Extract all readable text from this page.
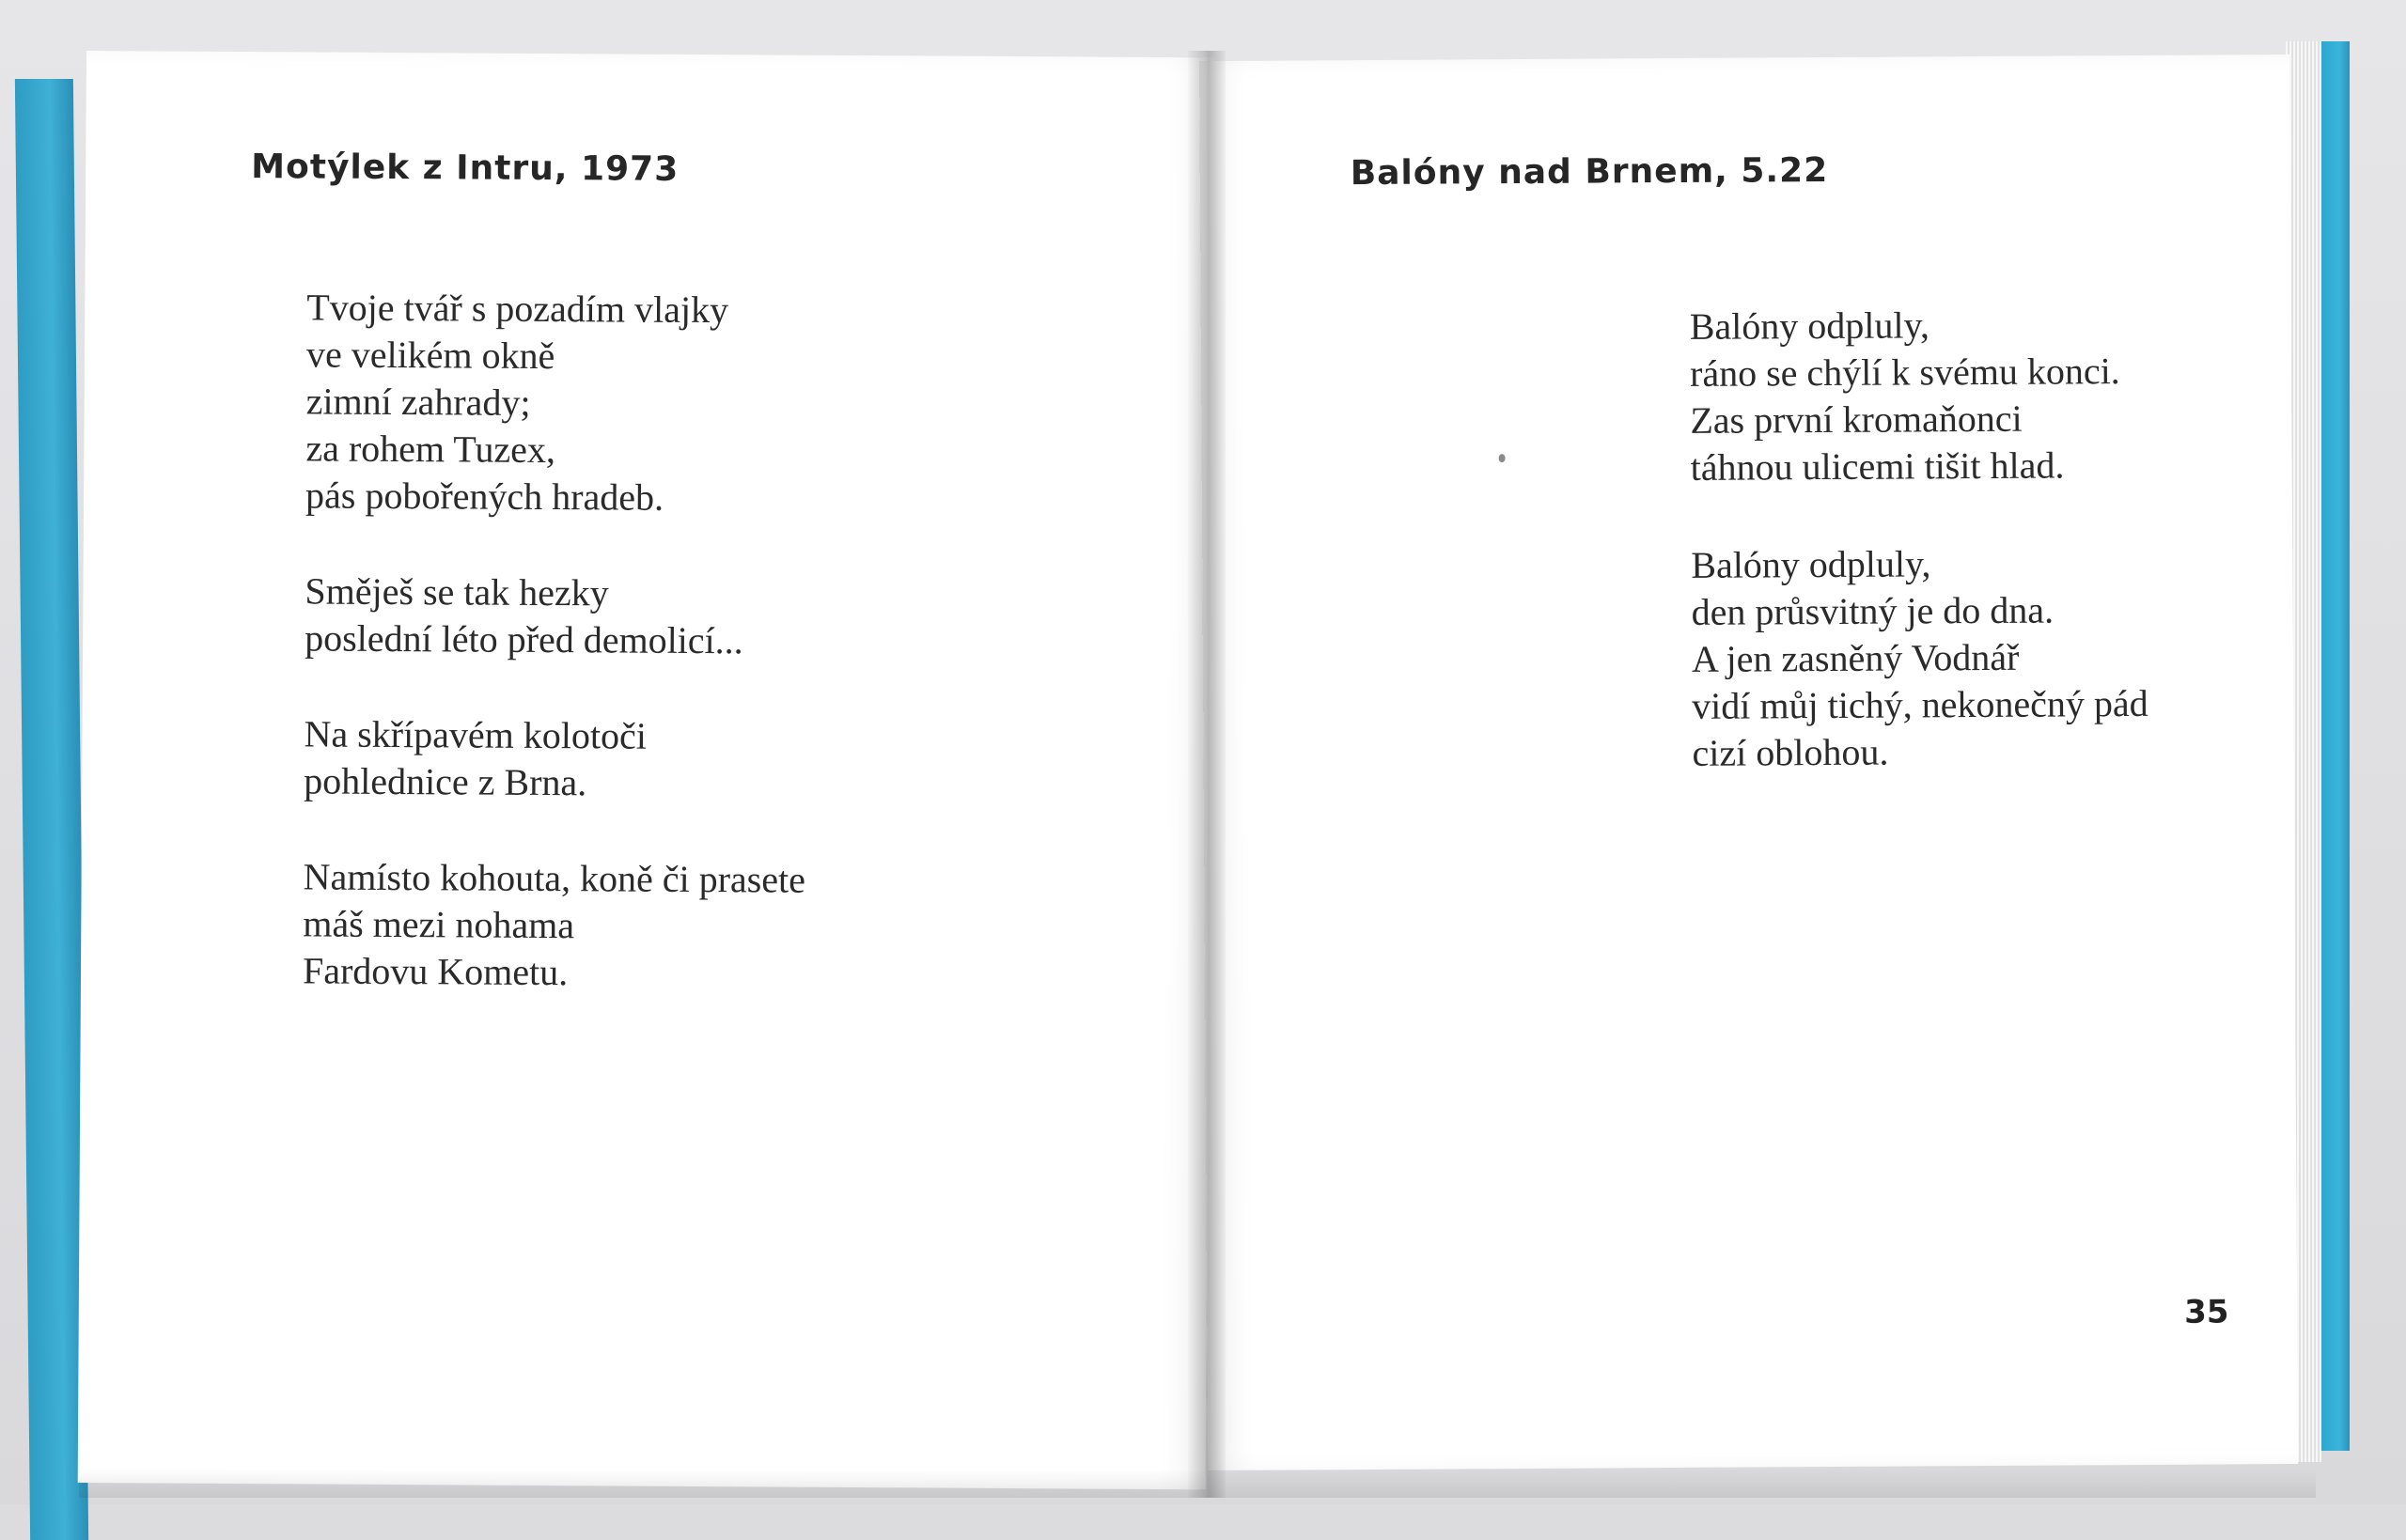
Motýlek z Intru, 1973
Tvoje tvář s pozadím vlajky
ve velikém okně
zimní zahrady;
za rohem Tuzex,
pás pobořených hradeb.
Směješ se tak hezky
poslední léto před demolicí...
Na skřípavém kolotoči
pohlednice z Brna.
Namísto kohouta, koně či prasete
máš mezi nohama
Fardovu Kometu.
Balóny nad Brnem, 5.22
Balóny odpluly,
ráno se chýlí k svému konci.
Zas první kromaňonci
táhnou ulicemi tišit hlad.
Balóny odpluly,
den průsvitný je do dna.
A jen zasněný Vodnář
vidí můj tichý, nekonečný pád
cizí oblohou.
35
